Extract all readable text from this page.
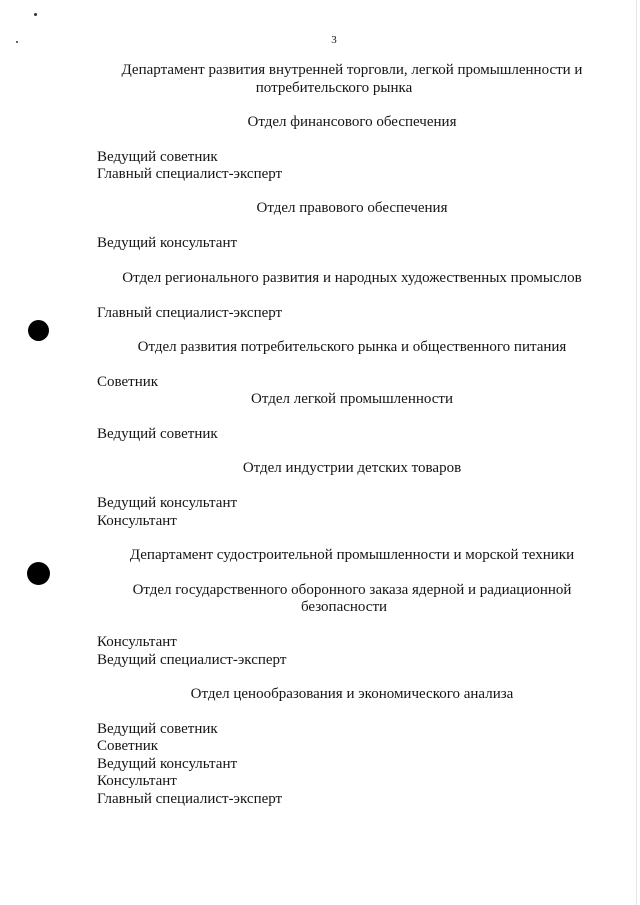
3
Департамент развития внутренней торговли, легкой промышленности и
потребительского рынка
Отдел финансового обеспечения
Ведущий советник
Главный специалист-эксперт
Отдел правового обеспечения
Ведущий консультант
Отдел регионального развития и народных художественных промыслов
Главный специалист-эксперт
Отдел развития потребительского рынка и общественного питания
Советник
Отдел легкой промышленности
Ведущий советник
Отдел индустрии детских товаров
Ведущий консультант
Консультант
Департамент судостроительной промышленности и морской техники
Отдел государственного оборонного заказа ядерной и радиационной
безопасности
Консультант
Ведущий специалист-эксперт
Отдел ценообразования и экономического анализа
Ведущий советник
Советник
Ведущий консультант
Консультант
Главный специалист-эксперт
